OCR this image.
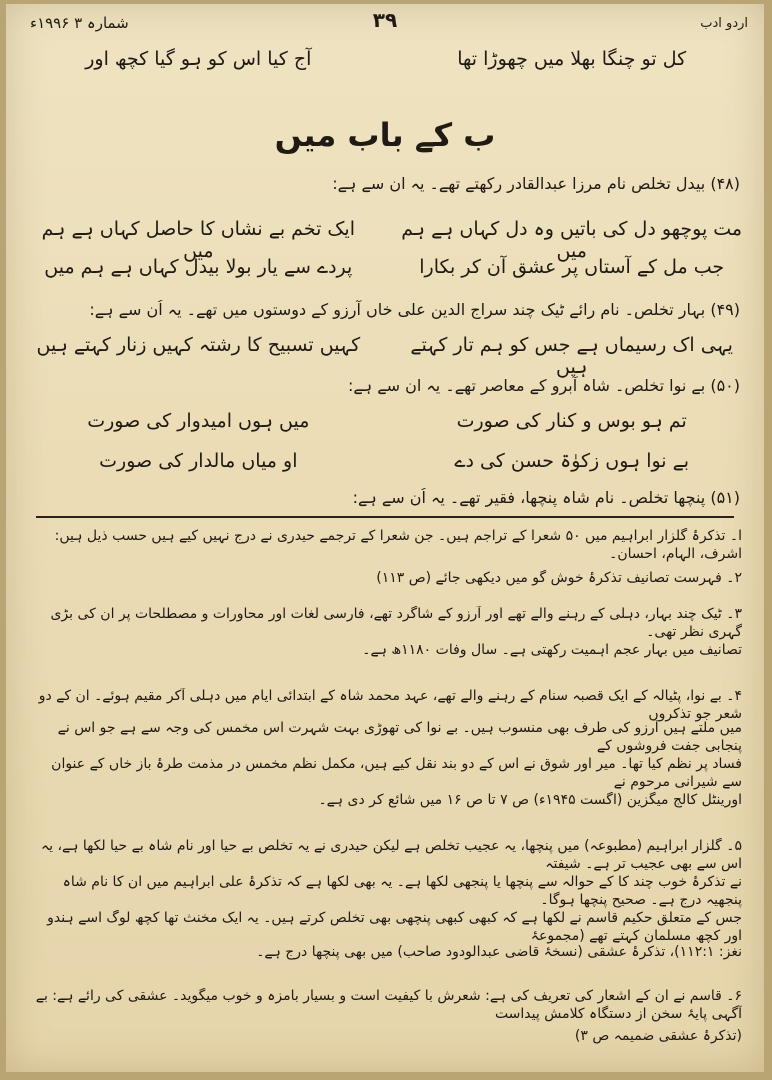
شمارہ ۳ ۱۹۹۶ء	۳۹	اردو ادب
کل تو چنگا بھلا میں چھوڑا تھا
آج کیا اس کو ہو گیا کچھ اور
ب کے باب میں
(۴۸) بیدل تخلص نام مرزا عبدالقادر رکھتے تھے۔ یہ ان سے ہے:
مت پوچھو دل کی باتیں وہ دل کہاں ہے ہم میں
ایک تخم بے نشاں کا حاصل کہاں ہے ہم میں
جب مل کے آستاں پر عشق آن کر بکارا
پردے سے یار بولا بیدل کہاں ہے ہم میں
(۴۹) بہار تخلص۔ نام رائے ٹیک چند سراج الدین علی خاں آرزو کے دوستوں میں تھے۔ یہ اُن سے ہے:
یہی اک رسیماں ہے جس کو ہم تار کہتے ہیں
کہیں تسبیح کا رشتہ کہیں زنار کہتے ہیں
(۵۰) بے نوا تخلص۔ شاہ آبرو کے معاصر تھے۔ یہ ان سے ہے:
تم ہو بوس و کنار کی صورت
میں ہوں امیدوار کی صورت
بے نوا ہوں زکوٰۃ حسن کی دے
او میاں مالدار کی صورت
(۵۱) پنچھا تخلص۔ نام شاہ پنچھا، فقیر تھے۔ یہ اُن سے ہے:
ا۔ تذکرۂ گلزار ابراہیم میں ۵۰ شعرا کے تراجم ہیں۔ جن شعرا کے ترجمے حیدری نے درج نہیں کیے ہیں حسب ذیل ہیں: اشرف، الہام، احسان۔
۲۔ فہرست تصانیف تذکرۂ خوش گو میں دیکھی جائے (ص ۱۱۳)
۳۔ ٹیک چند بہار، دہلی کے رہنے والے تھے اور آرزو کے شاگرد تھے، فارسی لغات اور محاورات و مصطلحات پر ان کی بڑی گہری نظر تھی۔
تصانیف میں بہار عجم اہمیت رکھتی ہے۔ سال وفات ۱۱۸۰ھ ہے۔
۴۔ بے نوا، پٹیالہ کے ایک قصبہ سنام کے رہنے والے تھے، عہد محمد شاہ کے ابتدائی ایام میں دہلی آکر مقیم ہوئے۔ ان کے دو شعر جو تذکروں
میں ملتے ہیں آرزو کی طرف بھی منسوب ہیں۔ بے نوا کی تھوڑی بہت شہرت اس مخمس کی وجہ سے ہے جو اس نے پنجابی جفت فروشوں کے
فساد پر نظم کیا تھا۔ میر اور شوق نے اس کے دو بند نقل کیے ہیں، مکمل نظم مخمس در مذمت طرۂ باز خاں کے عنوان سے شیرانی مرحوم نے
اورینٹل کالج میگزین (اگست ۱۹۴۵ء) ص ۷ تا ص ۱۶ میں شائع کر دی ہے۔
۵۔ گلزار ابراہیم (مطبوعہ) میں پنچھا، یہ عجیب تخلص ہے لیکن حیدری نے یہ تخلص بے حیا اور نام شاہ بے حیا لکھا ہے، یہ اس سے بھی عجیب تر ہے۔ شیفتہ
نے تذکرۂ خوب چند کا کے حوالہ سے پنچھا یا پنجھی لکھا ہے۔ یہ بھی لکھا ہے کہ تذکرۂ علی ابراہیم میں ان کا نام شاہ پنجھیہ درج ہے۔ صحیح پنچھا ہوگا۔
جس کے متعلق حکیم قاسم نے لکھا ہے کہ کبھی کبھی پنچھی بھی تخلص کرتے ہیں۔ یہ ایک مخنث تھا کچھ لوگ اسے ہندو اور کچھ مسلمان کہتے تھے (مجموعۂ
نغز: ۱۱۲:۱)، تذکرۂ عشقی (نسخۂ قاضی عبدالودود صاحب) میں بھی پنچھا درج ہے۔
۶۔ قاسم نے ان کے اشعار کی تعریف کی ہے: شعرش با کیفیت است و بسیار بامزہ و خوب میگوید۔ عشقی کی رائے ہے: بے آگہی پایۂ سخن از دستگاہ کلامش پیداست
(تذکرۂ عشقی ضمیمہ ص ۳)
